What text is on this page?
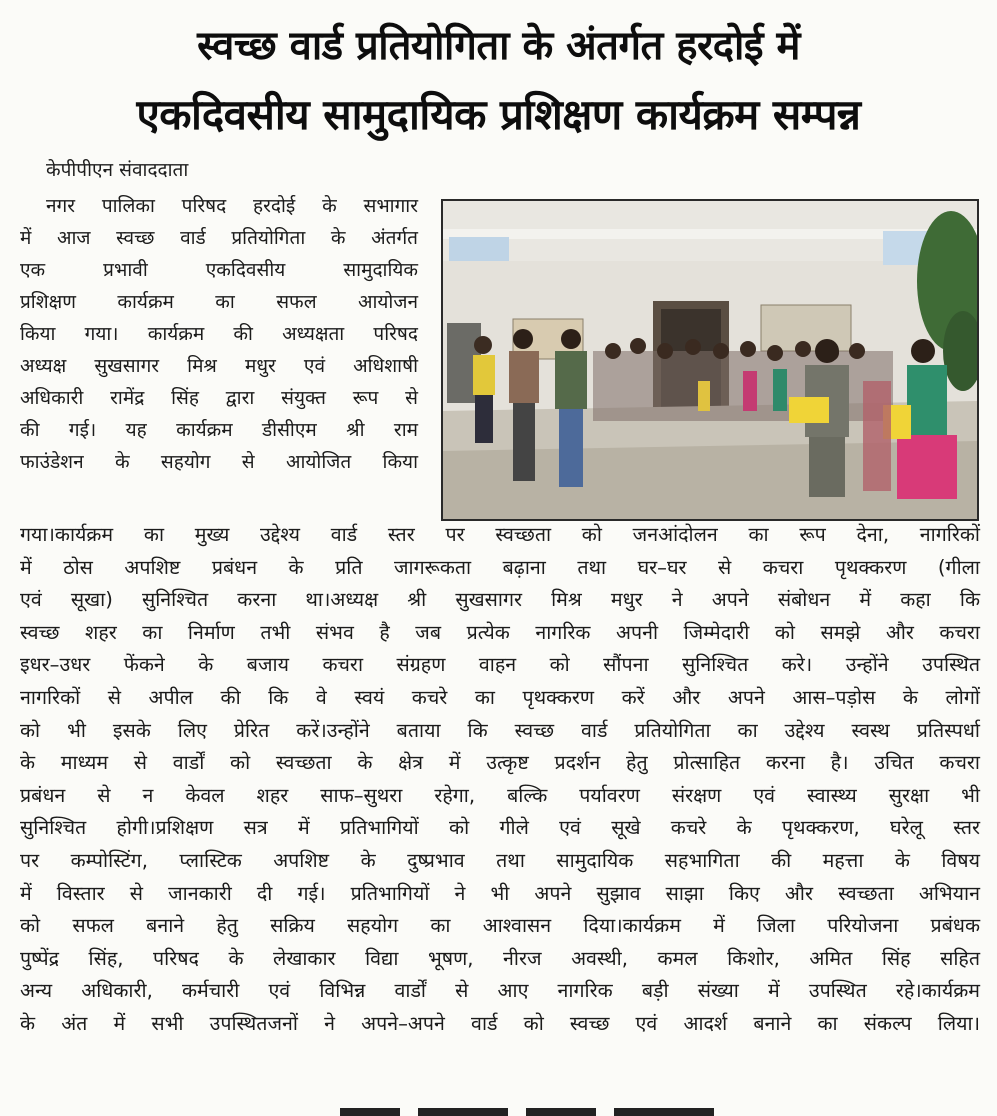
स्वच्छ वार्ड प्रतियोगिता के अंतर्गत हरदोई में
एकदिवसीय सामुदायिक प्रशिक्षण कार्यक्रम सम्पन्न
केपीपीएन संवाददाता
नगर पालिका परिषद हरदोई के सभागार
में आज स्वच्छ वार्ड प्रतियोगिता के अंतर्गत
एक प्रभावी एकदिवसीय सामुदायिक
प्रशिक्षण कार्यक्रम का सफल आयोजन
किया गया। कार्यक्रम की अध्यक्षता परिषद
अध्यक्ष सुखसागर मिश्र मधुर एवं अधिशाषी
अधिकारी रामेंद्र सिंह द्वारा संयुक्त रूप से
की गई। यह कार्यक्रम डीसीएम श्री राम
फाउंडेशन के सहयोग से आयोजित किया
गया।कार्यक्रम का मुख्य उद्देश्य वार्ड स्तर पर स्वच्छता को जनआंदोलन का रूप देना, नागरिकों
में ठोस अपशिष्ट प्रबंधन के प्रति जागरूकता बढ़ाना तथा घर–घर से कचरा पृथक्करण (गीला
एवं सूखा) सुनिश्चित करना था।अध्यक्ष श्री सुखसागर मिश्र मधुर ने अपने संबोधन में कहा कि
स्वच्छ शहर का निर्माण तभी संभव है जब प्रत्येक नागरिक अपनी जिम्मेदारी को समझे और कचरा
इधर–उधर फेंकने के बजाय कचरा संग्रहण वाहन को सौंपना सुनिश्चित करे। उन्होंने उपस्थित
नागरिकों से अपील की कि वे स्वयं कचरे का पृथक्करण करें और अपने आस–पड़ोस के लोगों
को भी इसके लिए प्रेरित करें।उन्होंने बताया कि स्वच्छ वार्ड प्रतियोगिता का उद्देश्य स्वस्थ प्रतिस्पर्धा
के माध्यम से वार्डों को स्वच्छता के क्षेत्र में उत्कृष्ट प्रदर्शन हेतु प्रोत्साहित करना है। उचित कचरा
प्रबंधन से न केवल शहर साफ–सुथरा रहेगा, बल्कि पर्यावरण संरक्षण एवं स्वास्थ्य सुरक्षा भी
सुनिश्चित होगी।प्रशिक्षण सत्र में प्रतिभागियों को गीले एवं सूखे कचरे के पृथक्करण, घरेलू स्तर
पर कम्पोस्टिंग, प्लास्टिक अपशिष्ट के दुष्प्रभाव तथा सामुदायिक सहभागिता की महत्ता के विषय
में विस्तार से जानकारी दी गई। प्रतिभागियों ने भी अपने सुझाव साझा किए और स्वच्छता अभियान
को सफल बनाने हेतु सक्रिय सहयोग का आश्वासन दिया।कार्यक्रम में जिला परियोजना प्रबंधक
पुष्पेंद्र सिंह, परिषद के लेखाकार विद्या भूषण, नीरज अवस्थी, कमल किशोर, अमित सिंह सहित
अन्य अधिकारी, कर्मचारी एवं विभिन्न वार्डों से आए नागरिक बड़ी संख्या में उपस्थित रहे।कार्यक्रम
के अंत में सभी उपस्थितजनों ने अपने–अपने वार्ड को स्वच्छ एवं आदर्श बनाने का संकल्प लिया।
